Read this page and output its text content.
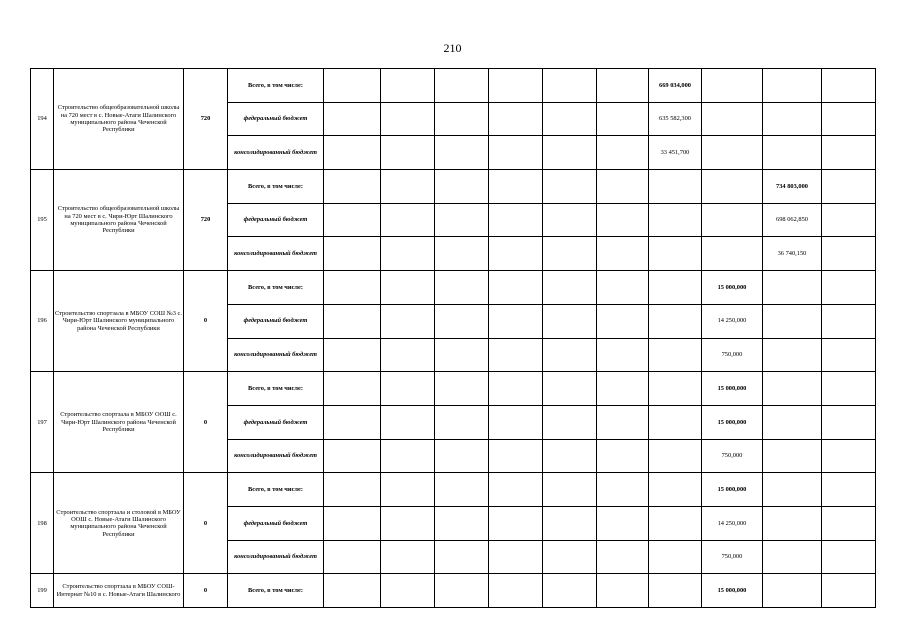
210
194	Строительство общеобразовательной школы на 720 мест в с. Новые-Атаги Шалинского муниципального района Чеченской Республики	720	Всего, в том числе:							669 034,000			
			федеральный бюджет							635 582,300			
			консолидированный бюджет							33 451,700			
195	Строительство общеобразовательной школы на 720 мест в с. Чири-Юрт Шалинского муниципального района Чеченской Республики	720	Всего, в том числе:									734 803,000	
			федеральный бюджет									698 062,850	
			консолидированный бюджет									36 740,150	
196	Строительство спортзала в МБОУ СОШ №3 с. Чири-Юрт Шалинского муниципального района Чеченской Республики	0	Всего, в том числе:								15 000,000		
			федеральный бюджет								14 250,000		
			консолидированный бюджет								750,000		
197	Строительство спортзала в МБОУ ООШ с. Чири-Юрт Шалинского района Чеченской Республики	0	Всего, в том числе:								15 000,000		
			федеральный бюджет								15 000,000		
			консолидированный бюджет								750,000		
198	Строительство спортзала и столовой в МБОУ ООШ с. Новые-Атаги Шалинского муниципального района Чеченской Республики	0	Всего, в том числе:								15 000,000		
			федеральный бюджет								14 250,000		
			консолидированный бюджет								750,000		
199	Строительство спортзала в МБОУ СОШ-Интернат №10 в с. Новые-Атаги Шалинского	0	Всего, в том числе:								15 000,000		
